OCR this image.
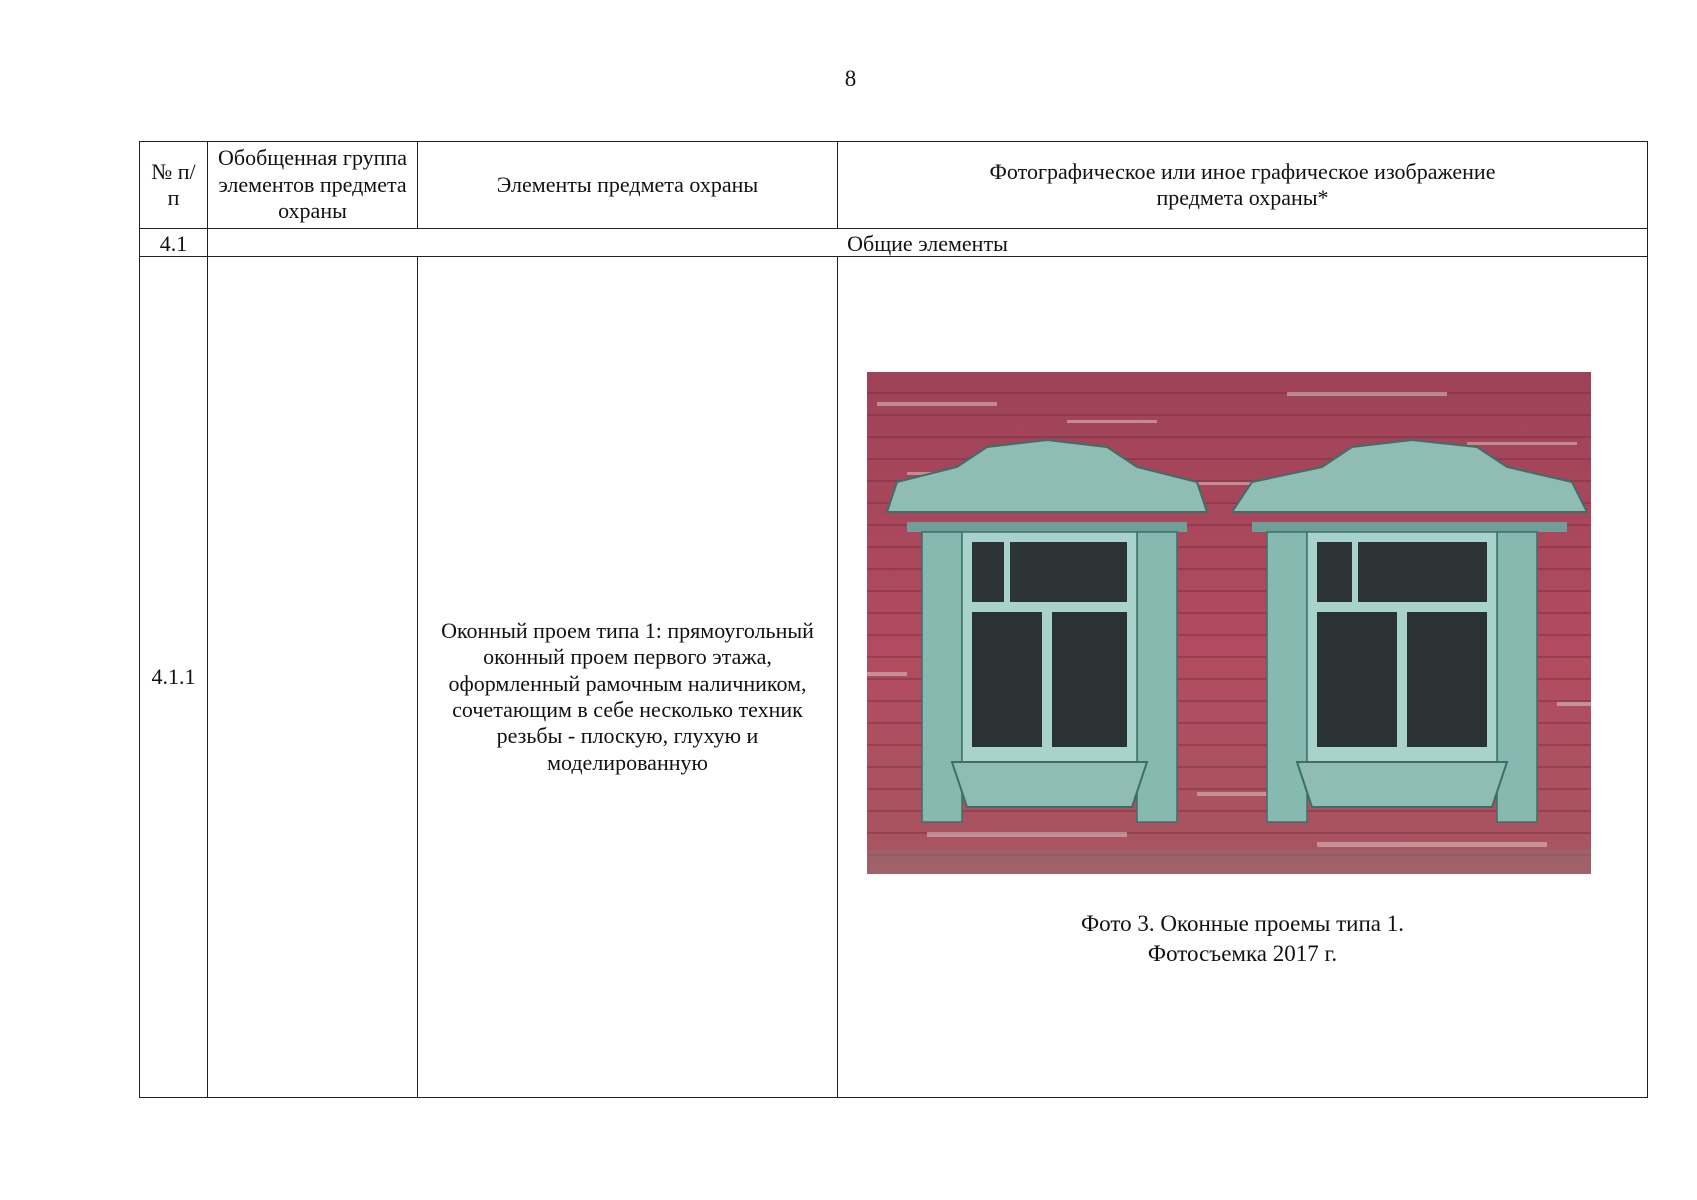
8
№ п/п	Обобщенная группа элементов предмета охраны	Элементы предмета охраны	Фотографическое или иное графическое изображение предмета охраны*
4.1	Общие элементы		
4.1.1		Оконный проем типа 1: прямоугольный оконный проем первого этажа, оформленный рамочным наличником, сочетающим в себе несколько техник резьбы - плоскую, глухую и моделированную	Фото 3. Оконные проемы типа 1.
Фотосъемка 2017 г.
